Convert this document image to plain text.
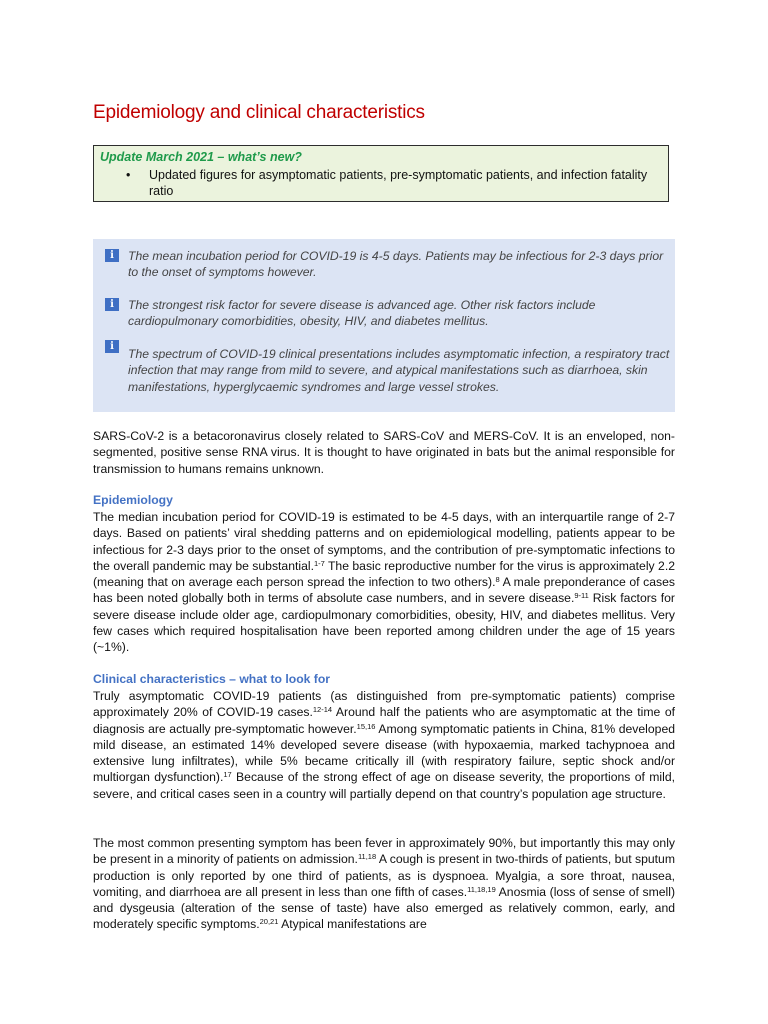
Epidemiology and clinical characteristics
Update March 2021 – what’s new?
• Updated figures for asymptomatic patients, pre-symptomatic patients, and infection fatality ratio
i	The mean incubation period for COVID-19 is 4-5 days. Patients may be infectious for 2-3 days prior to the onset of symptoms however.
i	The strongest risk factor for severe disease is advanced age. Other risk factors include cardiopulmonary comorbidities, obesity, HIV, and diabetes mellitus.
i
The spectrum of COVID-19 clinical presentations includes asymptomatic infection, a respiratory tract infection that may range from mild to severe, and atypical manifestations such as diarrhoea, skin manifestations, hyperglycaemic syndromes and large vessel strokes.

SARS-CoV-2 is a betacoronavirus closely related to SARS-CoV and MERS-CoV. It is an enveloped, non-segmented, positive sense RNA virus. It is thought to have originated in bats but the animal responsible for transmission to humans remains unknown.

Epidemiology

The median incubation period for COVID-19 is estimated to be 4-5 days, with an interquartile range of 2-7 days. Based on patients’ viral shedding patterns and on epidemiological modelling, patients appear to be infectious for 2-3 days prior to the onset of symptoms, and the contribution of pre-symptomatic infections to the overall pandemic may be substantial.$^{1-7}$ The basic reproductive number for the virus is approximately 2.2 (meaning that on average each person spread the infection to two others).$^8$ A male preponderance of cases has been noted globally both in terms of absolute case numbers, and in severe disease.$^{9-11}$ Risk factors for severe disease include older age, cardiopulmonary comorbidities, obesity, HIV, and diabetes mellitus. Very few cases which required hospitalisation have been reported among children under the age of 15 years (~1%).

Clinical characteristics – what to look for

Truly asymptomatic COVID-19 patients (as distinguished from pre-symptomatic patients) comprise approximately 20% of COVID-19 cases.$^{12-14}$ Around half the patients who are asymptomatic at the time of diagnosis are actually pre-symptomatic however.$^{15,16}$ Among symptomatic patients in China, 81% developed mild disease, an estimated 14% developed severe disease (with hypoxaemia, marked tachypnoea and extensive lung infiltrates), while 5% became critically ill (with respiratory failure, septic shock and/or multiorgan dysfunction).$^{17}$ Because of the strong effect of age on disease severity, the proportions of mild, severe, and critical cases seen in a country will partially depend on that country’s population age structure.

The most common presenting symptom has been fever in approximately 90%, but importantly this may only be present in a minority of patients on admission.$^{11,18}$ A cough is present in two-thirds of patients, but sputum production is only reported by one third of patients, as is dyspnoea. Myalgia, a sore throat, nausea, vomiting, and diarrhoea are all present in less than one fifth of cases.$^{11,18,19}$ Anosmia (loss of sense of smell) and dysgeusia (alteration of the sense of taste) have also emerged as relatively common, early, and moderately specific symptoms.$^{20,21}$ Atypical manifestations are
